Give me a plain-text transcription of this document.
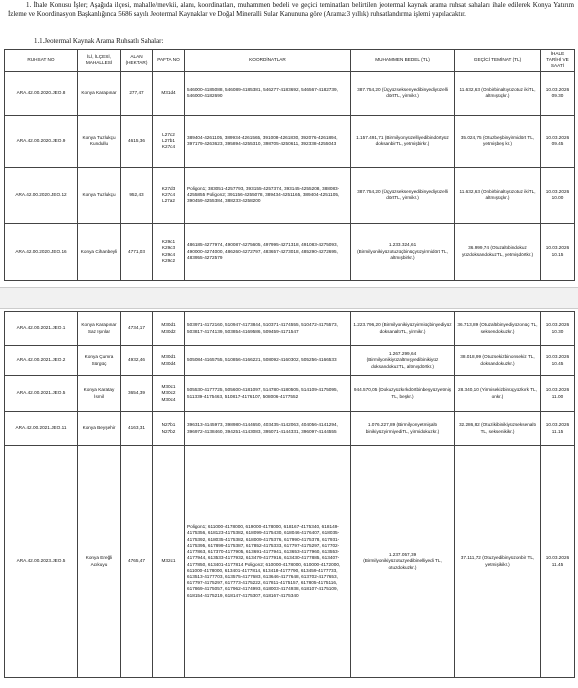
1. İhale Konusu İşler; Aşağıda ilçesi, mahalle/mevkii, alanı, koordinatları, muhammen bedeli ve geçici teminatları belirtilen jeotermal kaynak arama ruhsat sahaları ihale edilerek Konya Yatırım İzleme ve Koordinasyon Başkanlığınca 5686 sayılı Jeotermal Kaynaklar ve Doğal Mineralli Sular Kanununa göre (Arama:3 yıllık) ruhsatlandırma işlemi yapılacaktır.

1.1.Jeotermal Kaynak Arama Ruhsatlı Sahalar:
RUHSAT NO	İLİ, İLÇESİ, MAHALLESİ	ALAN (HEKTAR)	PAFTA NO	KOORDİNATLAR	MUHAMMEN BEDEL (TL)	GEÇİCİ TEMİNAT (TL)	İHALE TARİHİ VE SAATİ
ARA.42.00.2020.JEO.8	Konya Karapınar	277,47	M31d4	546000-4185088, 546089-4185381, 546277-4183692, 546567-4182739, 546000-4182690	387.754,20 (Üçyüzseksenyedibinyediyüzelli dörtTL, yirmikr.)	11.632,63 (Onbirbinaltıyüzotuz ikiTL, altmışüçkr.)	10.03.2026 09.30
ARA.42.00.2020.JEO.9	Konya Tuzlukçu Kundullu	4615,36	L27c2 L27b1 K27c4	389404-4261105, 389934-4261565, 391008-4261830, 392076-4261894, 397179-4263623, 395894-4255310, 398705-4250611, 392338-4255043	1.157.491,71 (Birmilyonyüzelliyedibindörtyüz doksanbirTL, yetmişbirkr.)	35.024,75 (Otuzbeşbinyirmidört TL, yetmişbeş kr.)	10.03.2026 09.45
ARA.42.00.2020.JEO.12	Konya Tuzlukçu	952,43	K27d3 K27c4 L27a2	Poligon1; 383051-4257793, 393155-4257374, 393145-4255208, 388083-4255855 Poligon2; 391156-4255078, 389434-4251165, 389404-4251105, 390459-4255384, 388233-4258200	387.754,20 (Üçyüzseksenyedibinyediyüzelli dörtTL, yirmikr.)	11.632,63 (Onbirbinaltıyüzotuz ikiTL, altmışüçkr.)	10.03.2026 10.00
ARA.42.00.2020.JEO.16	Konya Cihanbeyli	4771,03	K29c1 K29c3 K29c4 K29c2	486185-4277974, 490087-4275605, 497995-4271318, 491083-4275093, 490000-4274000, 486260-4272797, 483657-4273018, 485290-4272695, 483955-4272579	1.233.324,61 (Birmilyonikiyüzotuzüçbinüçyüzyirmidört TL, altmışbirkr.)	36.999,74 (Otuzaltıbindokuz yüzdoksandokuzTL, yetmişdörtkr.)	10.03.2026 10.15
ARA.42.00.2021.JEO.1	Konya Karapınar Saz Işınlar	4734,17	M30d1 M30d2	503971-4172160, 510947-4173844, 510371-4174555, 510472-4175573, 503817-4174139, 503854-4169586, 509459-4171547	1.223.796,20 (Birmilyonikiyüzyirmiüçbinyediyüz doksanaltıTL, yirmikr.)	36.713,89 (Otuzaltıbinyediyüzonüç TL, seksendokuzkr.)	10.03.2026 10.30
ARA.42.00.2021.JEO.2	Konya Çumra Sürgüç	4932,46	M30d1 M30d4	505084-4165755, 510856-4166221, 508092-4160302, 505256-4166533	1.267.299,64 (Birmilyonikiyüzaltmışyedibinikiyüz doksandokuzTL, altmışdörtkr.)	38.018,99 (Otuzsekizbinonsekiz TL, doksandokuzkr.)	10.03.2026 10.45
ARA.42.00.2021.JEO.5	Konya Karatay İsmil	3654,39	M30c1 M30c2 M30c4	505530-4177725, 505600-4181097, 514780-4180505, 514109-4175095, 511339-4175463, 510817-4176107, 508006-4177552	944.570,05 (Dokuzyüzkırkdörtbinbeşyüzyetmiş TL, beşkr.)	28.340,10 (Yirmisekizbinüçyüzkırk TL, onkr.)	10.03.2026 11.00
ARA.42.00.2021.JEO.11	Konya Beyşehir	4163,31	N27b1 N27b2	396313-4145973, 398980-4144650, 403435-4142063, 404056-4141294, 396972-4138460, 394251-4143083, 395071-4144331, 396097-4144555	1.076.227,89 (Birmilyonyetmişaltı binikiyüzyirmiyediTL, yirmidokuzkr.)	32.286,82 (Otuzikibinikiyüzseksenaltı TL, seksenikikr.)	10.03.2026 11.15
ARA.42.00.2023.JEO.5	Konya Ereğli Acıkuyu	4765,47	M32c1	Poligon1; 611000-4178000, 619000-4178000, 618167-4175340, 618149-4175356, 618123-4175382, 618099-4175430, 618046-4176407, 618035-4175392, 618035-4175382, 618009-4175376, 617990-4175378, 617931-4175395, 617899-4175387, 617852-4175333, 617797-4175297, 617702-4177863, 617370-4177905, 613691-4177941, 613653-4177960, 613553-4177944, 613533-4177932, 613479-4177916, 613430-4177885, 613407-4177850, 613401-4177814 Poligon2; 610000-4178000, 610000-4172000, 611000-4178000, 613401-4177814, 613418-4177790, 613459-4177733, 613513-4177703, 613575-4177683, 613646-4177648, 613702-4177653, 617797-4175297, 617773-4175222, 617811-4175157, 617805-4175116, 617869-4175057, 617962-4174993, 618003-4174938, 618107-4175109, 618154-4175219, 618147-4175307, 618167-4175340	1.237.057,39 (Birmilyonikiyüzotuzyedibinelliyedi TL, otuzdokuzkr.)	37.111,72 (Otuzyedibinyüzonbir TL, yetmişikikr.)	10.03.2026 11.45
